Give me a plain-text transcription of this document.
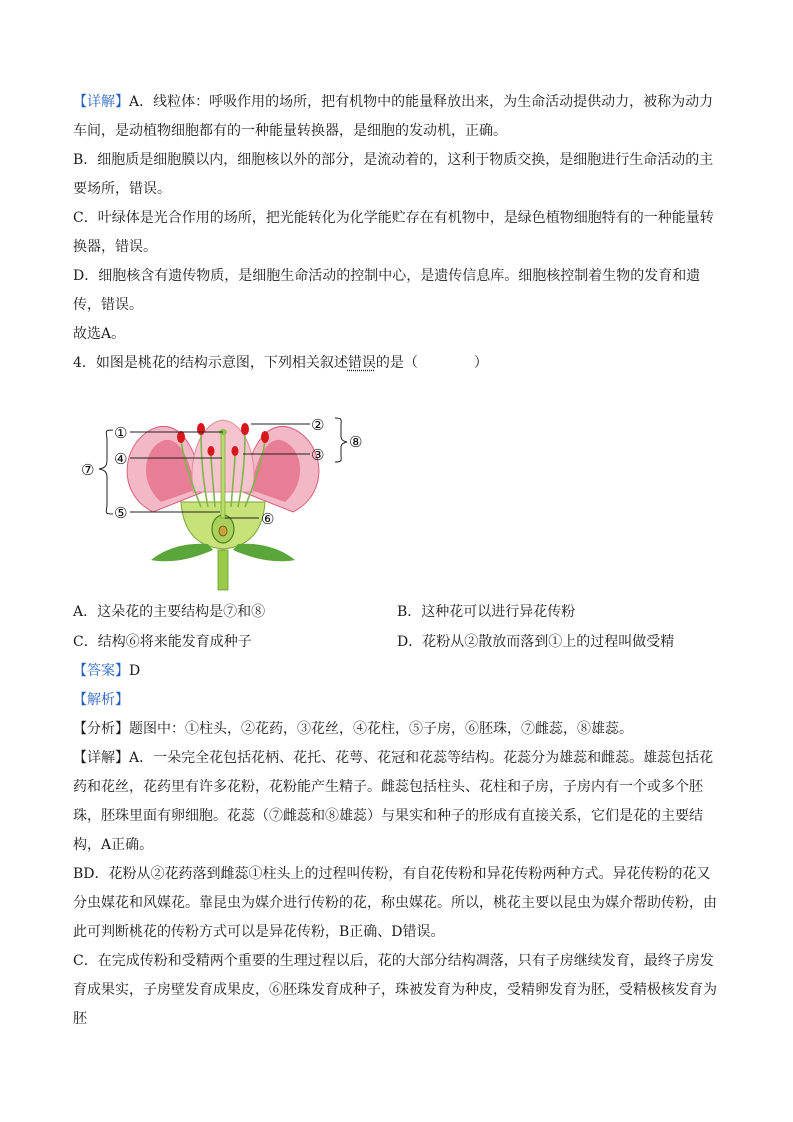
【详解】A．线粒体：呼吸作用的场所，把有机物中的能量释放出来，为生命活动提供动力，被称为动力车间，是动植物细胞都有的一种能量转换器，是细胞的发动机，正确。

B．细胞质是细胞膜以内，细胞核以外的部分，是流动着的，这利于物质交换，是细胞进行生命活动的主要场所，错误。

C．叶绿体是光合作用的场所，把光能转化为化学能贮存在有机物中，是绿色植物细胞特有的一种能量转换器，错误。

D．细胞核含有遗传物质，是细胞生命活动的控制中心，是遗传信息库。细胞核控制着生物的发育和遗传，错误。

故选A。

4．如图是桃花的结构示意图，下列相关叙述错误的是（　　　　）

①
④
⑤
⑦
②
③
⑧
⑥

A．这朵花的主要结构是⑦和⑧	B．这种花可以进行异花传粉

C．结构⑥将来能发育成种子	D．花粉从②散放而落到①上的过程叫做受精

【答案】D

【解析】

【分析】题图中：①柱头，②花药，③花丝，④花柱，⑤子房，⑥胚珠，⑦雌蕊，⑧雄蕊。

【详解】A．一朵完全花包括花柄、花托、花萼、花冠和花蕊等结构。花蕊分为雄蕊和雌蕊。雄蕊包括花药和花丝，花药里有许多花粉，花粉能产生精子。雌蕊包括柱头、花柱和子房，子房内有一个或多个胚珠，胚珠里面有卵细胞。花蕊（⑦雌蕊和⑧雄蕊）与果实和种子的形成有直接关系，它们是花的主要结构，A正确。

BD．花粉从②花药落到雌蕊①柱头上的过程叫传粉，有自花传粉和异花传粉两种方式。异花传粉的花又分虫媒花和风媒花。靠昆虫为媒介进行传粉的花，称虫媒花。所以，桃花主要以昆虫为媒介帮助传粉，由此可判断桃花的传粉方式可以是异花传粉，B正确、D错误。

C．在完成传粉和受精两个重要的生理过程以后，花的大部分结构凋落，只有子房继续发育，最终子房发育成果实，子房壁发育成果皮，⑥胚珠发育成种子，珠被发育为种皮，受精卵发育为胚，受精极核发育为胚
